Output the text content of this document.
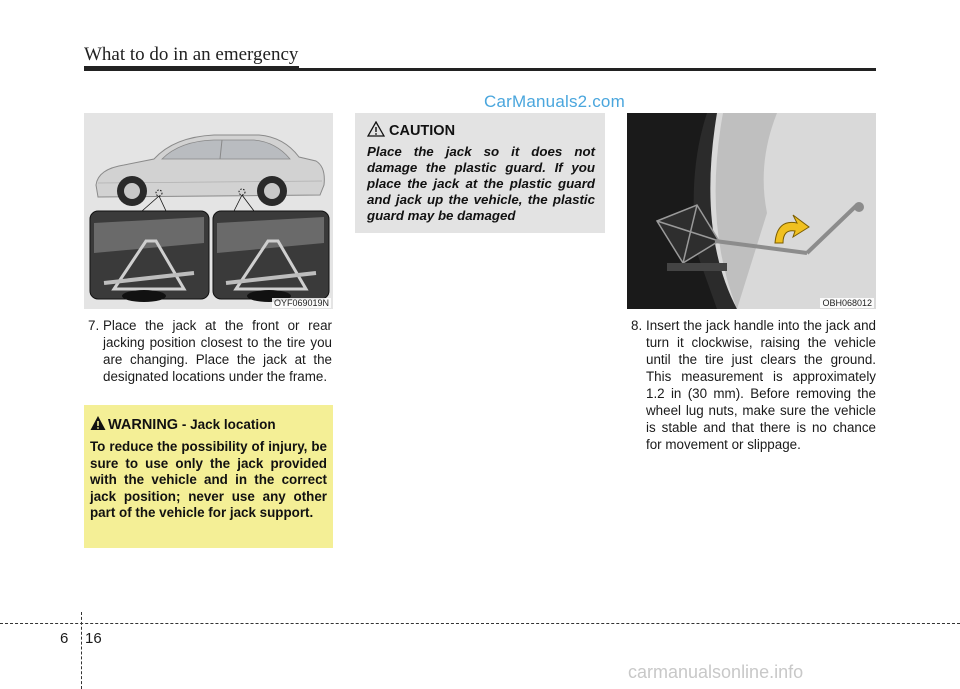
What to do in an emergency
CarManuals2.com
OYF069019N	OBH068012
7. Place the jack at the front or rear jacking position closest to the tire you are changing. Place the jack at the designated locations under the frame.
CAUTION
Place the jack so it does not damage the plastic guard. If you place the jack at the plastic guard and jack up the vehicle, the plastic guard may be damaged
WARNING - Jack location
To reduce the possibility of injury, be sure to use only the jack provided with the vehicle and in the correct jack position; never use any other part of the vehicle for jack support.
8. Insert the jack handle into the jack and turn it clockwise, raising the vehicle until the tire just clears the ground. This measurement is approximately 1.2 in (30 mm). Before removing the wheel lug nuts, make sure the vehicle is stable and that there is no chance for movement or slippage.
6 16
carmanualsonline.info
